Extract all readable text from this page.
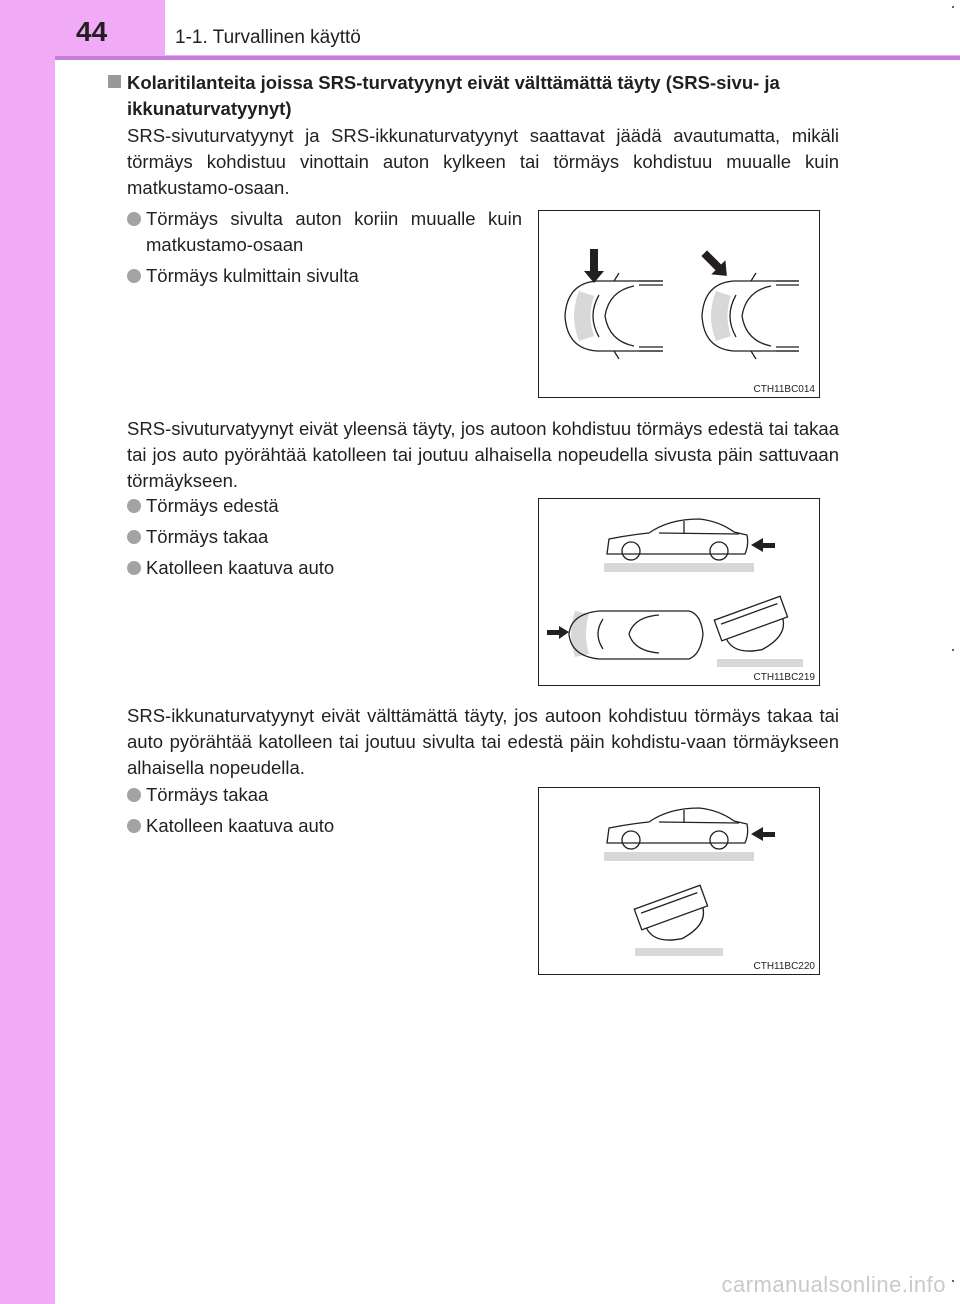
44	1-1. Turvallinen käyttö
Kolaritilanteita joissa SRS-turvatyynyt eivät välttämättä täyty (SRS-sivu- ja
ikkunaturvatyynyt)
SRS-sivuturvatyynyt ja SRS-ikkunaturvatyynyt saattavat jäädä avautumatta, mikäli törmäys kohdistuu vinottain auton kylkeen tai törmäys kohdistuu muualle kuin matkustamo-osaan.
Törmäys sivulta auton koriin muualle kuin matkustamo-osaan
Törmäys kulmittain sivulta
CTH11BC014
SRS-sivuturvatyynyt eivät yleensä täyty, jos autoon kohdistuu törmäys edestä tai takaa tai jos auto pyörähtää katolleen tai joutuu alhaisella nopeudella sivusta päin sattuvaan törmäykseen.
Törmäys edestä
Törmäys takaa
Katolleen kaatuva auto
CTH11BC219
SRS-ikkunaturvatyynyt eivät välttämättä täyty, jos autoon kohdistuu törmäys takaa tai auto pyörähtää katolleen tai joutuu sivulta tai edestä päin kohdistu-vaan törmäykseen alhaisella nopeudella.
Törmäys takaa
Katolleen kaatuva auto
CTH11BC220
carmanualsonline.info
